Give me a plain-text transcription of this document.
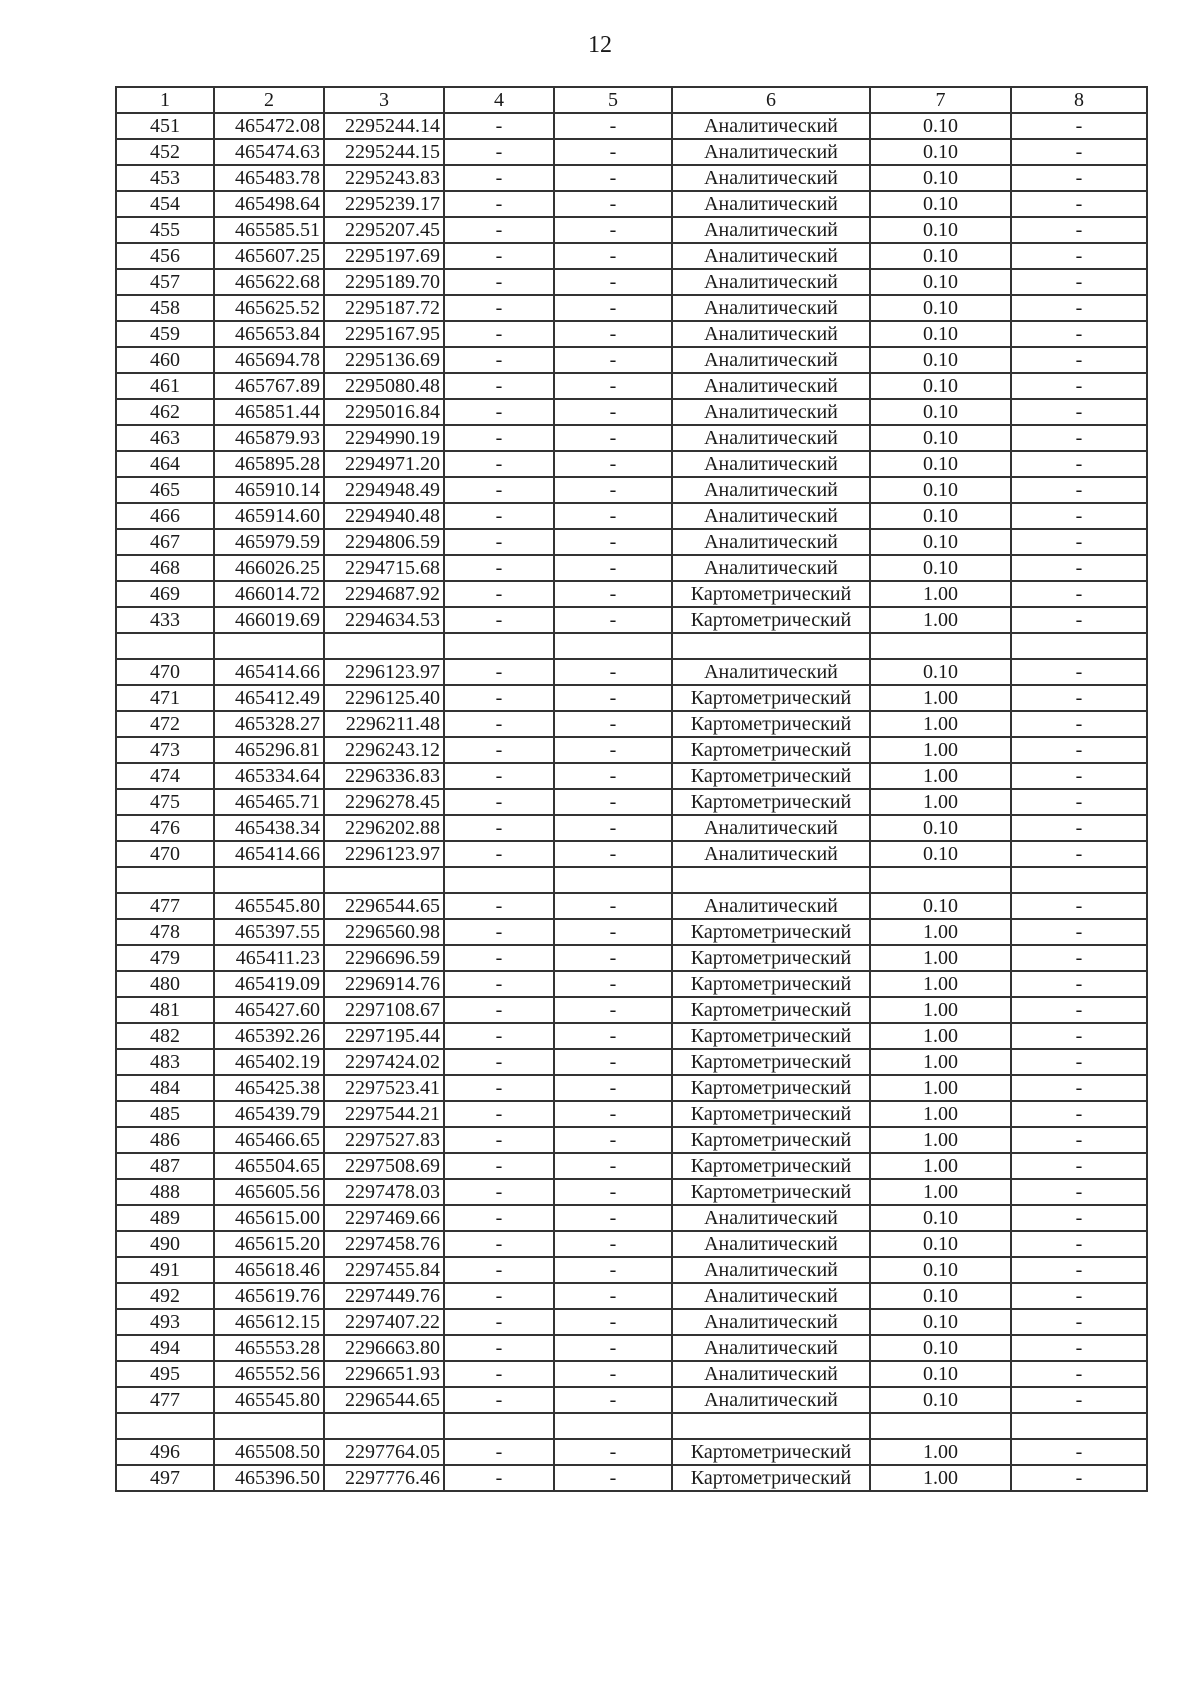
12
1	2	3	4	5	6	7	8
451	465472.08	2295244.14	-	-	Аналитический	0.10	-
452	465474.63	2295244.15	-	-	Аналитический	0.10	-
453	465483.78	2295243.83	-	-	Аналитический	0.10	-
454	465498.64	2295239.17	-	-	Аналитический	0.10	-
455	465585.51	2295207.45	-	-	Аналитический	0.10	-
456	465607.25	2295197.69	-	-	Аналитический	0.10	-
457	465622.68	2295189.70	-	-	Аналитический	0.10	-
458	465625.52	2295187.72	-	-	Аналитический	0.10	-
459	465653.84	2295167.95	-	-	Аналитический	0.10	-
460	465694.78	2295136.69	-	-	Аналитический	0.10	-
461	465767.89	2295080.48	-	-	Аналитический	0.10	-
462	465851.44	2295016.84	-	-	Аналитический	0.10	-
463	465879.93	2294990.19	-	-	Аналитический	0.10	-
464	465895.28	2294971.20	-	-	Аналитический	0.10	-
465	465910.14	2294948.49	-	-	Аналитический	0.10	-
466	465914.60	2294940.48	-	-	Аналитический	0.10	-
467	465979.59	2294806.59	-	-	Аналитический	0.10	-
468	466026.25	2294715.68	-	-	Аналитический	0.10	-
469	466014.72	2294687.92	-	-	Картометрический	1.00	-
433	466019.69	2294634.53	-	-	Картометрический	1.00	-

470	465414.66	2296123.97	-	-	Аналитический	0.10	-
471	465412.49	2296125.40	-	-	Картометрический	1.00	-
472	465328.27	2296211.48	-	-	Картометрический	1.00	-
473	465296.81	2296243.12	-	-	Картометрический	1.00	-
474	465334.64	2296336.83	-	-	Картометрический	1.00	-
475	465465.71	2296278.45	-	-	Картометрический	1.00	-
476	465438.34	2296202.88	-	-	Аналитический	0.10	-
470	465414.66	2296123.97	-	-	Аналитический	0.10	-

477	465545.80	2296544.65	-	-	Аналитический	0.10	-
478	465397.55	2296560.98	-	-	Картометрический	1.00	-
479	465411.23	2296696.59	-	-	Картометрический	1.00	-
480	465419.09	2296914.76	-	-	Картометрический	1.00	-
481	465427.60	2297108.67	-	-	Картометрический	1.00	-
482	465392.26	2297195.44	-	-	Картометрический	1.00	-
483	465402.19	2297424.02	-	-	Картометрический	1.00	-
484	465425.38	2297523.41	-	-	Картометрический	1.00	-
485	465439.79	2297544.21	-	-	Картометрический	1.00	-
486	465466.65	2297527.83	-	-	Картометрический	1.00	-
487	465504.65	2297508.69	-	-	Картометрический	1.00	-
488	465605.56	2297478.03	-	-	Картометрический	1.00	-
489	465615.00	2297469.66	-	-	Аналитический	0.10	-
490	465615.20	2297458.76	-	-	Аналитический	0.10	-
491	465618.46	2297455.84	-	-	Аналитический	0.10	-
492	465619.76	2297449.76	-	-	Аналитический	0.10	-
493	465612.15	2297407.22	-	-	Аналитический	0.10	-
494	465553.28	2296663.80	-	-	Аналитический	0.10	-
495	465552.56	2296651.93	-	-	Аналитический	0.10	-
477	465545.80	2296544.65	-	-	Аналитический	0.10	-

496	465508.50	2297764.05	-	-	Картометрический	1.00	-
497	465396.50	2297776.46	-	-	Картометрический	1.00	-
